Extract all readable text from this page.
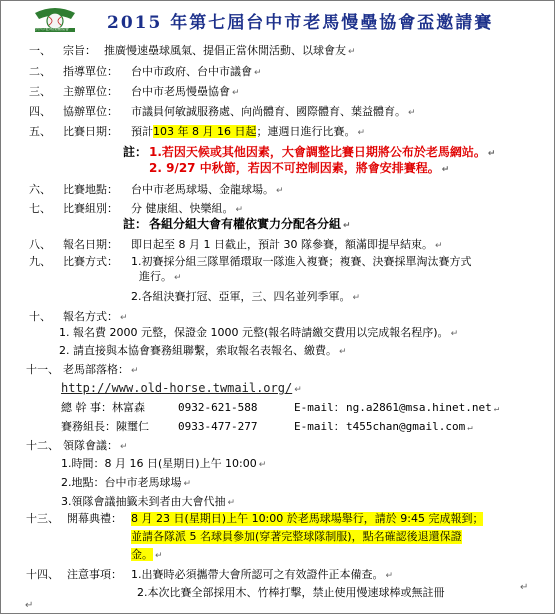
台中市老馬慢壘協會 2015 年第七屆台中市老馬慢壘協會盃邀請賽
一、	宗旨： 推廣慢速壘球風氣、提倡正當休閒活動、以球會友 ↵
二、	指導單位： 台中市政府、台中市議會 ↵
三、	主辦單位： 台中市老馬慢壘協會 ↵
四、	協辦單位： 市議員何敏誠服務處、向尚體育、國際體育、葉益體育。 ↵
五、	比賽日期： 預計103 年 8 月 16 日起；連週日進行比賽。 ↵
註： 1.若因天候或其他因素，大會調整比賽日期將公布於老馬網站。 ↵
2. 9/27 中秋節，若因不可控制因素，將會安排賽程。 ↵
六、	比賽地點： 台中市老馬球場、金龍球場。 ↵
七、	比賽組別： 分 健康組、快樂組。 ↵
註： 各組分組大會有權依實力分配各分組 ↵
八、	報名日期： 即日起至 8 月 1 日截止，預計 30 隊參賽，額滿即提早結束。 ↵
九、	比賽方式： 1.初賽採分組三隊單循環取一隊進入複賽；複賽、決賽採單淘汰賽方式
進行。 ↵
2.各組決賽打冠、亞軍，三、四名並列季軍。 ↵
十、	報名方式： ↵
1. 報名費 2000 元整，保證金 1000 元整(報名時請繳交費用以完成報名程序)。 ↵
2. 請直接與本協會賽務組聯繫，索取報名表報名、繳費。 ↵
十一、 老馬部落格： ↵
http://www.old-horse.twmail.org/ ↵
總 幹 事：林富森	0932-621-588	E-mail： ng.a2861@msa.hinet.net ↵
賽務組長：陳璽仁	0933-477-277	E-mail： t455chan@gmail.com ↵
十二、 領隊會議： ↵
1.時間：8 月 16 日(星期日)上午 10:00 ↵
2.地點：台中市老馬球場 ↵
3.領隊會議抽籤未到者由大會代抽 ↵
十三、 開幕典禮： 8 月 23 日(星期日)上午 10:00 於老馬球場舉行，請於 9:45 完成報到；
並請各隊派 5 名球員參加(穿著完整球隊制服)，點名確認後退還保證
金。 ↵
十四、 注意事項： 1.出賽時必須攜帶大會所認可之有效證件正本備查。 ↵
2.本次比賽全部採用木、竹棒打擊，禁止使用慢速球棒或無註冊	↵
↵
